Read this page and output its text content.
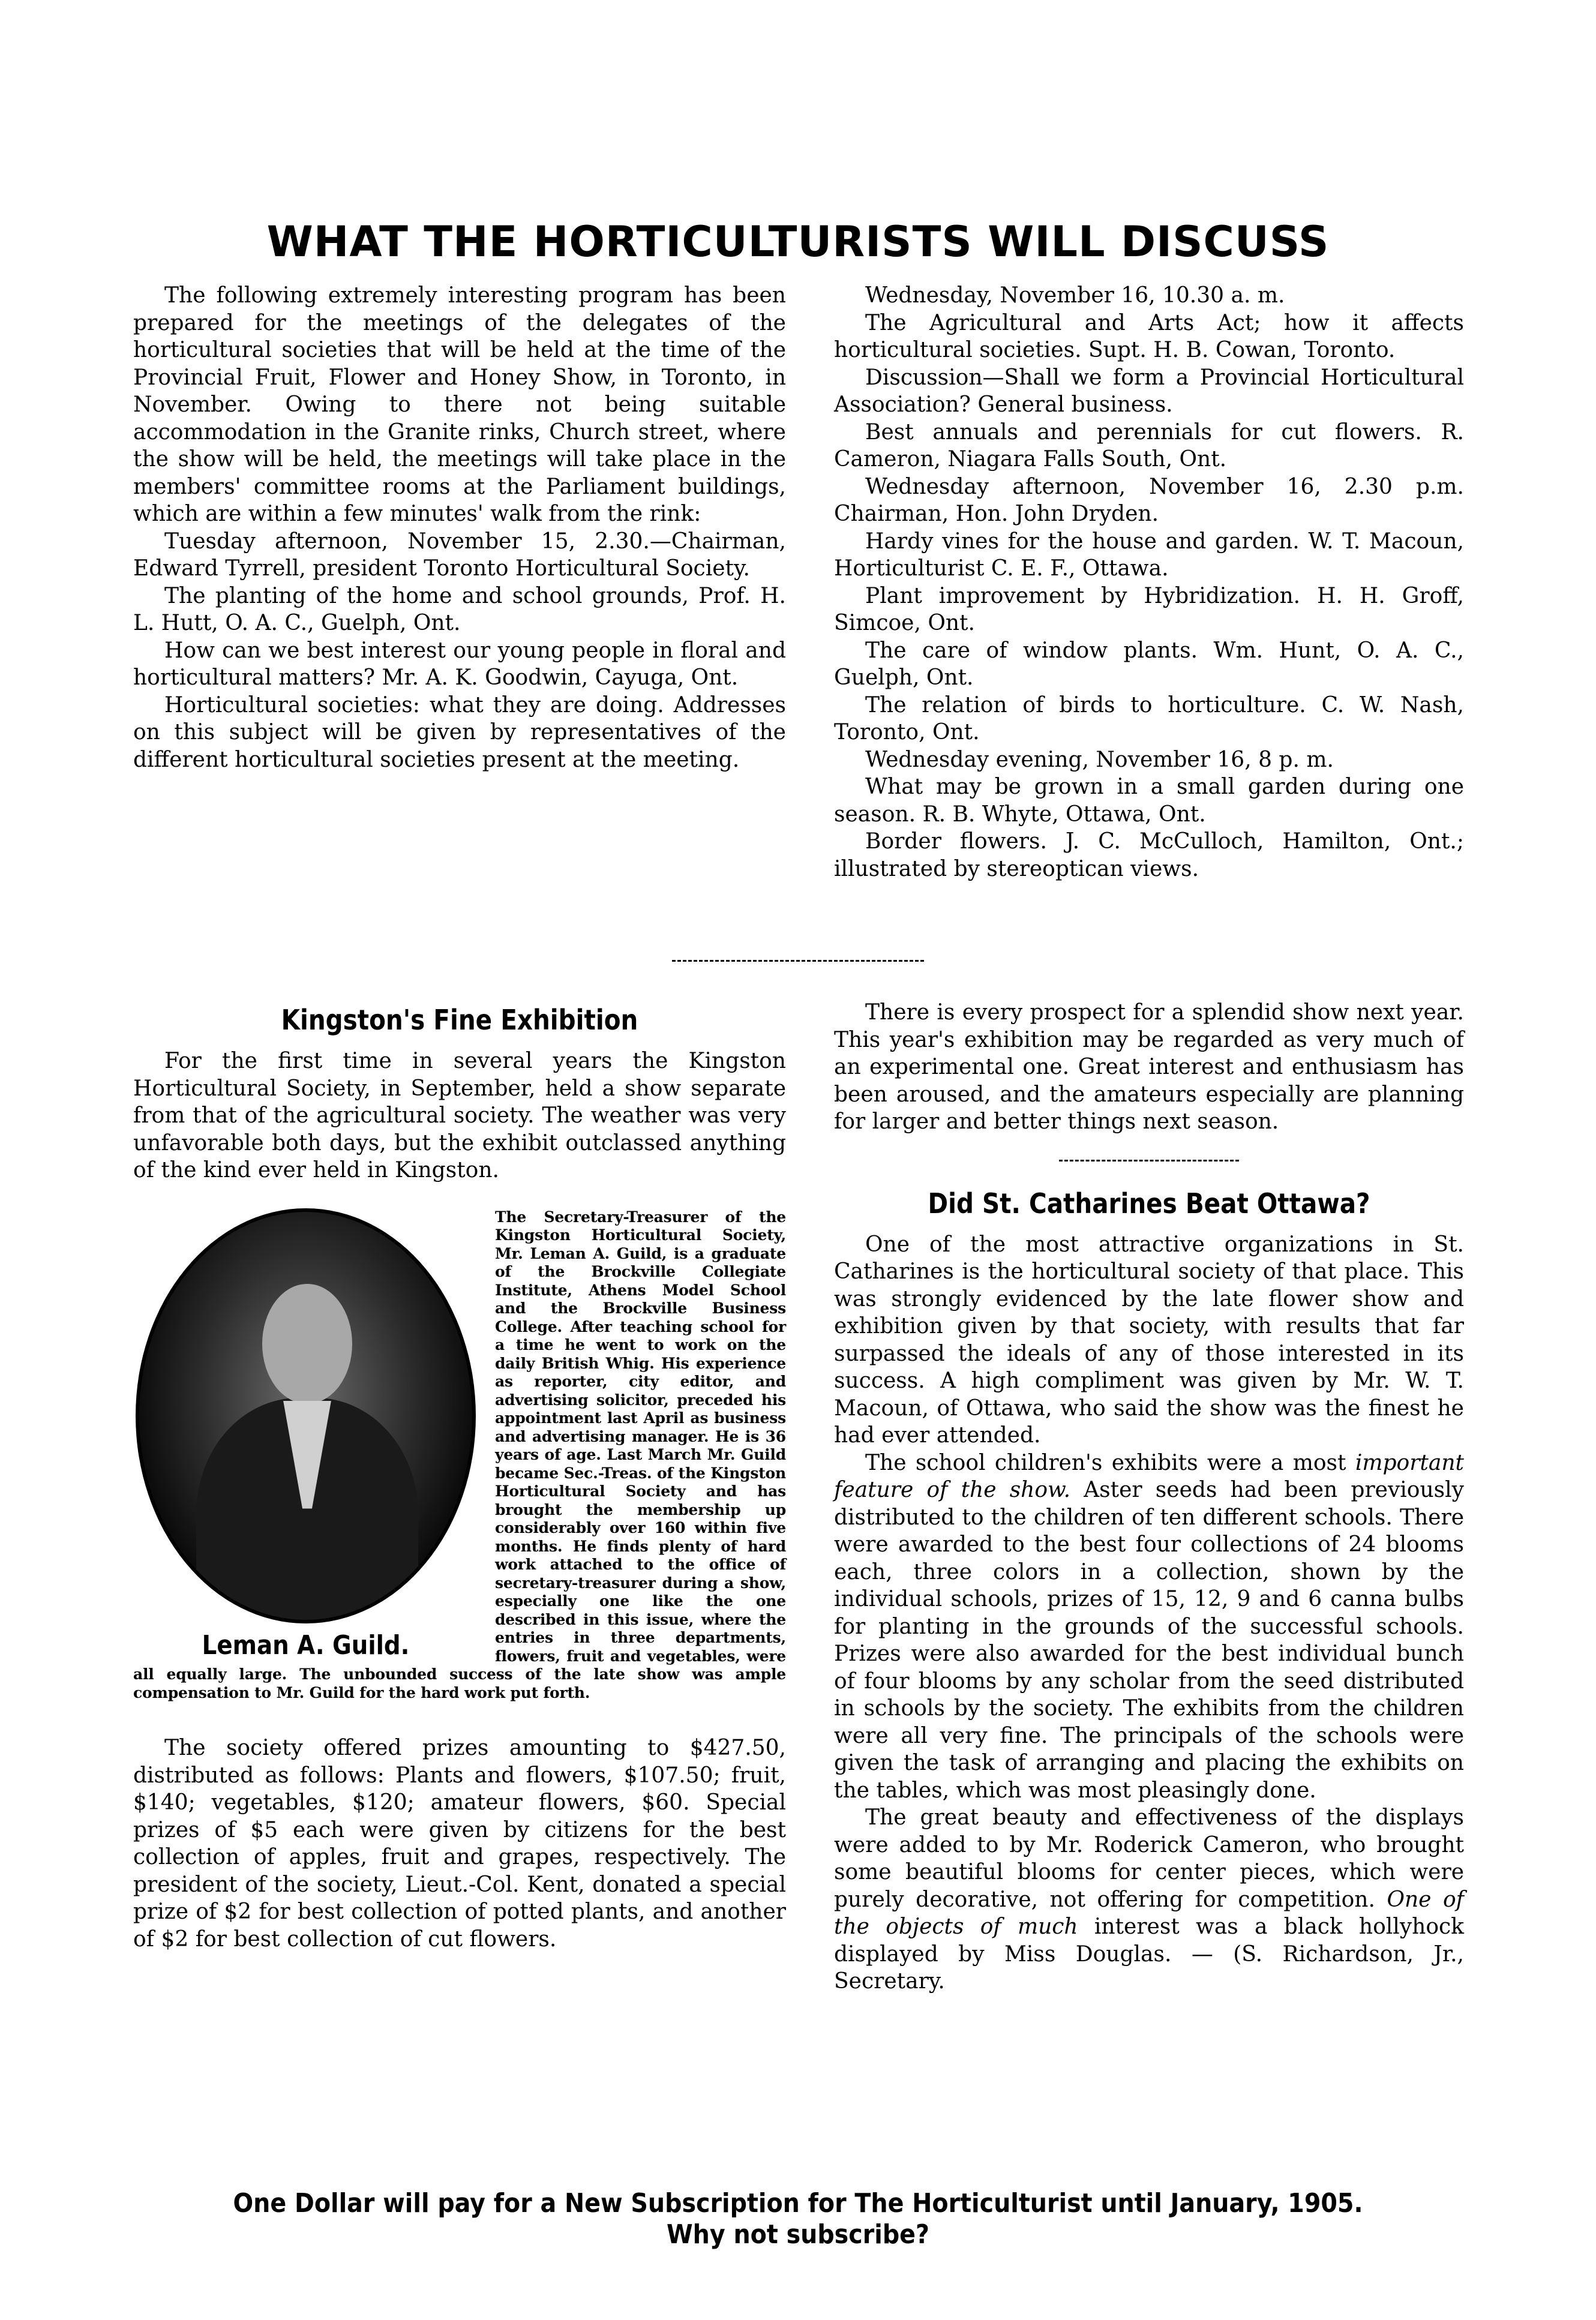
WHAT THE HORTICULTURISTS WILL DISCUSS

The following extremely interesting program has been prepared for the meetings of the delegates of the horticultural societies that will be held at the time of the Provincial Fruit, Flower and Honey Show, in Toronto, in November. Owing to there not being suitable accommodation in the Granite rinks, Church street, where the show will be held, the meetings will take place in the members' committee rooms at the Parliament buildings, which are within a few minutes' walk from the rink:

Tuesday afternoon, November 15, 2.30.—Chairman, Edward Tyrrell, president Toronto Horticultural Society.

The planting of the home and school grounds, Prof. H. L. Hutt, O. A. C., Guelph, Ont.

How can we best interest our young people in floral and horticultural matters? Mr. A. K. Goodwin, Cayuga, Ont.

Horticultural societies: what they are doing. Addresses on this subject will be given by representatives of the different horticultural societies present at the meeting.

Wednesday, November 16, 10.30 a. m.

The Agricultural and Arts Act; how it affects horticultural societies. Supt. H. B. Cowan, Toronto.

Discussion—Shall we form a Provincial Horticultural Association? General business.

Best annuals and perennials for cut flowers. R. Cameron, Niagara Falls South, Ont.

Wednesday afternoon, November 16, 2.30 p.m. Chairman, Hon. John Dryden.

Hardy vines for the house and garden. W. T. Macoun, Horticulturist C. E. F., Ottawa.

Plant improvement by Hybridization. H. H. Groff, Simcoe, Ont.

The care of window plants. Wm. Hunt, O. A. C., Guelph, Ont.

The relation of birds to horticulture. C. W. Nash, Toronto, Ont.

Wednesday evening, November 16, 8 p. m.

What may be grown in a small garden during one season. R. B. Whyte, Ottawa, Ont.

Border flowers. J. C. McCulloch, Hamilton, Ont.; illustrated by stereoptican views.

Kingston's Fine Exhibition

For the first time in several years the Kingston Horticultural Society, in September, held a show separate from that of the agricultural society. The weather was very unfavorable both days, but the exhibit outclassed anything of the kind ever held in Kingston.

Leman A. Guild.
The Secretary-Treasurer of the Kingston Horticultural Society, Mr. Leman A. Guild, is a graduate of the Brockville Collegiate Institute, Athens Model School and the Brockville Business College. After teaching school for a time he went to work on the daily British Whig. His experience as reporter, city editor, and advertising solicitor, preceded his appointment last April as business and advertising manager. He is 36 years of age. Last March Mr. Guild became Sec.-Treas. of the Kingston Horticultural Society and has brought the membership up considerably over 160 within five months. He finds plenty of hard work attached to the office of secretary-treasurer during a show, especially one like the one described in this issue, where the entries in three departments, flowers, fruit and vegetables, were all equally large. The unbounded success of the late show was ample compensation to Mr. Guild for the hard work put forth.

The society offered prizes amounting to $427.50, distributed as follows: Plants and flowers, $107.50; fruit, $140; vegetables, $120; amateur flowers, $60. Special prizes of $5 each were given by citizens for the best collection of apples, fruit and grapes, respectively. The president of the society, Lieut.-Col. Kent, donated a special prize of $2 for best collection of potted plants, and another of $2 for best collection of cut flowers.

There is every prospect for a splendid show next year. This year's exhibition may be regarded as very much of an experimental one. Great interest and enthusiasm has been aroused, and the amateurs especially are planning for larger and better things next season.

Did St. Catharines Beat Ottawa?

One of the most attractive organizations in St. Catharines is the horticultural society of that place. This was strongly evidenced by the late flower show and exhibition given by that society, with results that far surpassed the ideals of any of those interested in its success. A high compliment was given by Mr. W. T. Macoun, of Ottawa, who said the show was the finest he had ever attended.

The school children's exhibits were a most important feature of the show. Aster seeds had been previously distributed to the children of ten different schools. There were awarded to the best four collections of 24 blooms each, three colors in a collection, shown by the individual schools, prizes of 15, 12, 9 and 6 canna bulbs for planting in the grounds of the successful schools. Prizes were also awarded for the best individual bunch of four blooms by any scholar from the seed distributed in schools by the society. The exhibits from the children were all very fine. The principals of the schools were given the task of arranging and placing the exhibits on the tables, which was most pleasingly done.

The great beauty and effectiveness of the displays were added to by Mr. Roderick Cameron, who brought some beautiful blooms for center pieces, which were purely decorative, not offering for competition. One of the objects of much interest was a black hollyhock displayed by Miss Douglas. — (S. Richardson, Jr., Secretary.

One Dollar will pay for a New Subscription for The Horticulturist until January, 1905.
Why not subscribe?
